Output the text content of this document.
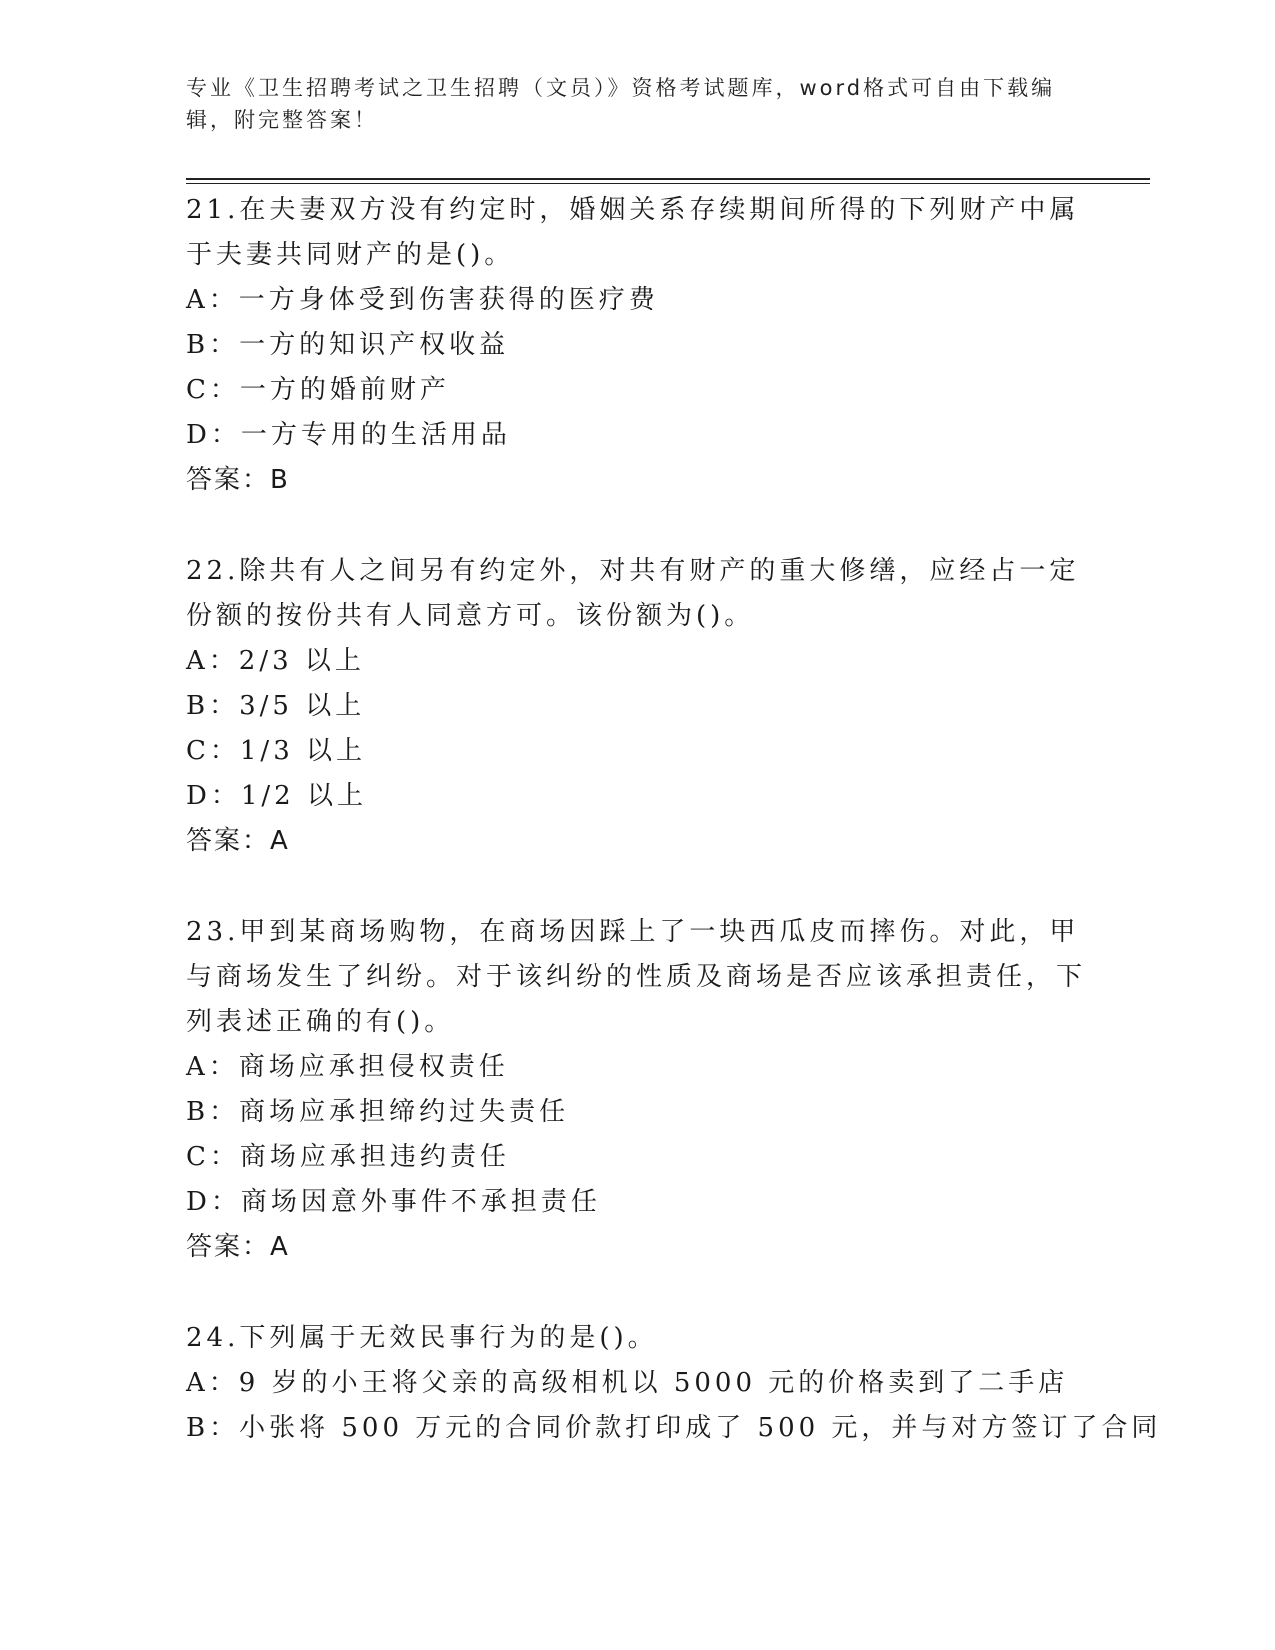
专业《卫生招聘考试之卫生招聘（文员）》资格考试题库，word格式可自由下载编辑，附完整答案！

21.在夫妻双方没有约定时，婚姻关系存续期间所得的下列财产中属于夫妻共同财产的是()。

A：一方身体受到伤害获得的医疗费

B：一方的知识产权收益

C：一方的婚前财产

D：一方专用的生活用品

答案：B

22.除共有人之间另有约定外，对共有财产的重大修缮，应经占一定份额的按份共有人同意方可。该份额为()。

A：2/3 以上

B：3/5 以上

C：1/3 以上

D：1/2 以上

答案：A

23.甲到某商场购物，在商场因踩上了一块西瓜皮而摔伤。对此，甲与商场发生了纠纷。对于该纠纷的性质及商场是否应该承担责任，下列表述正确的有()。

A：商场应承担侵权责任

B：商场应承担缔约过失责任

C：商场应承担违约责任

D：商场因意外事件不承担责任

答案：A

24.下列属于无效民事行为的是()。

A：9 岁的小王将父亲的高级相机以 5000 元的价格卖到了二手店

B：小张将 500 万元的合同价款打印成了 500 元，并与对方签订了合同
